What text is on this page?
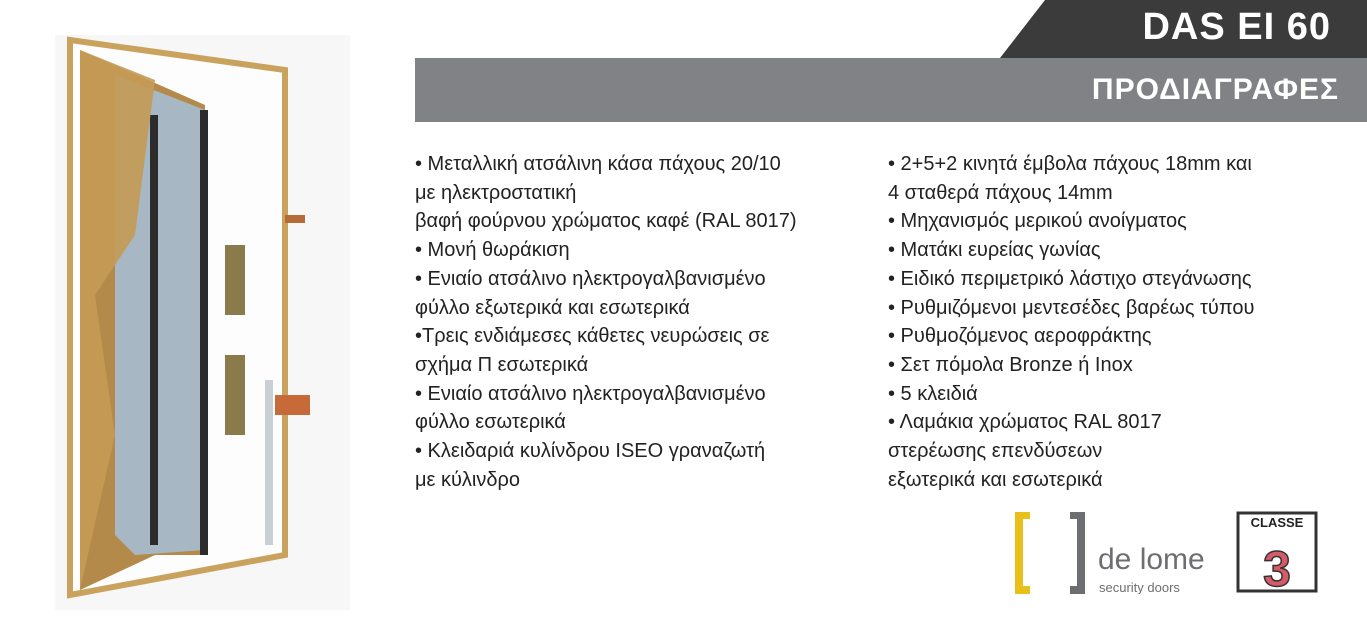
DAS EI 60
ΠΡΟΔΙΑΓΡΑΦΕΣ
• Μεταλλική ατσάλινη κάσα πάχους 20/10
με ηλεκτροστατική
βαφή φούρνου χρώματος καφέ (RAL 8017)
• Μονή θωράκιση
• Ενιαίο ατσάλινο ηλεκτρογαλβανισμένο
φύλλο εξωτερικά και εσωτερικά
•Τρεις ενδιάμεσες κάθετες νευρώσεις σε
σχήμα Π εσωτερικά
• Ενιαίο ατσάλινο ηλεκτρογαλβανισμένο
φύλλο εσωτερικά
• Κλειδαριά κυλίνδρου ISEO γραναζωτή
με κύλινδρο
• 2+5+2 κινητά έμβολα πάχους 18mm και
4 σταθερά πάχους 14mm
• Μηχανισμός μερικού ανοίγματος
• Ματάκι ευρείας γωνίας
• Ειδικό περιμετρικό λάστιχο στεγάνωσης
• Ρυθμιζόμενοι μεντεσέδες βαρέως τύπου
• Ρυθμοζόμενος αεροφράκτης
• Σετ πόμολα Bronze ή Inox
• 5 κλειδιά
• Λαμάκια χρώματος RAL 8017
στερέωσης επενδύσεων
εξωτερικά και εσωτερικά
de lome
security doors
CLASSE
3
